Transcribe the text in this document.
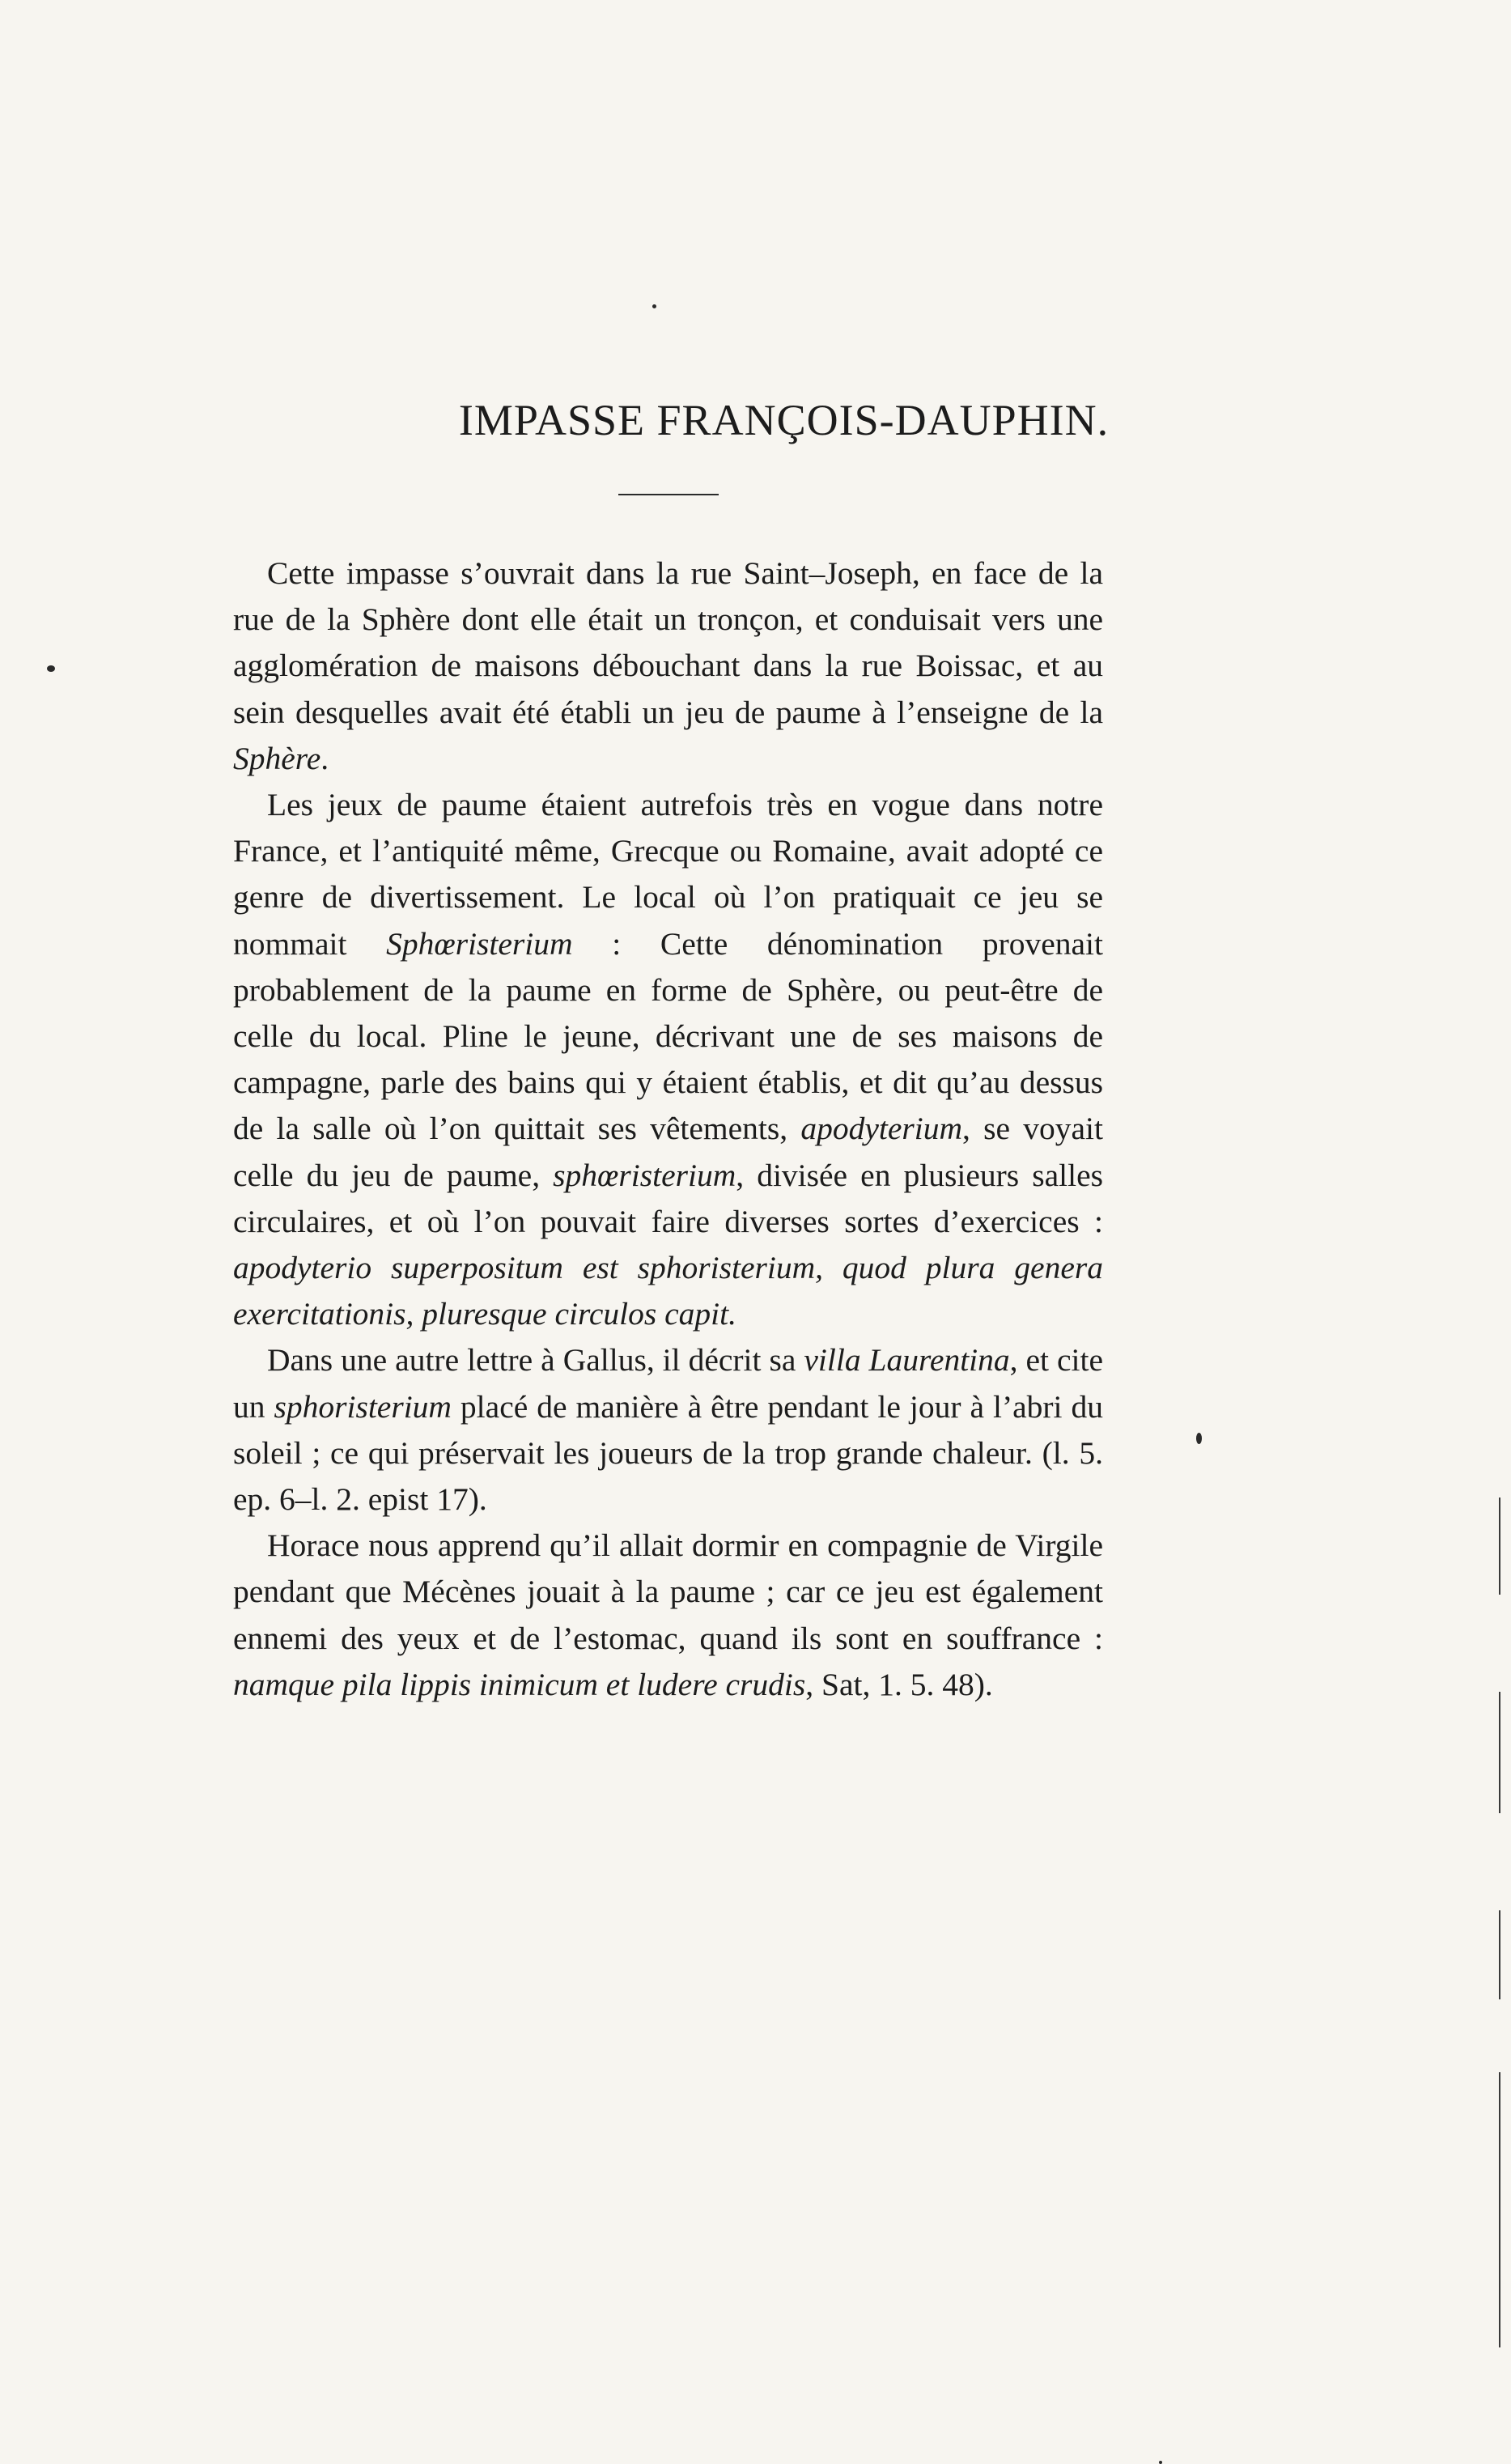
IMPASSE FRANÇOIS-DAUPHIN.

Cette impasse s’ouvrait dans la rue Saint–Joseph, en face de la rue de la Sphère dont elle était un tronçon, et conduisait vers une agglomération de maisons débouchant dans la rue Boissac, et au sein desquelles avait été établi un jeu de paume à l’enseigne de la Sphère.

Les jeux de paume étaient autrefois très en vogue dans notre France, et l’antiquité même, Grecque ou Romaine, avait adopté ce genre de divertissement. Le local où l’on pratiquait ce jeu se nommait Sphœristerium : Cette dénomination provenait probablement de la paume en forme de Sphère, ou peut-être de celle du local. Pline le jeune, décrivant une de ses maisons de campagne, parle des bains qui y étaient établis, et dit qu’au dessus de la salle où l’on quittait ses vêtements, apodyterium, se voyait celle du jeu de paume, sphœristerium, divisée en plusieurs salles circulaires, et où l’on pouvait faire diverses sortes d’exercices : apodyterio superpositum est sphoristerium, quod plura genera exercitationis, pluresque circulos capit.

Dans une autre lettre à Gallus, il décrit sa villa Laurentina, et cite un sphoristerium placé de manière à être pendant le jour à l’abri du soleil ; ce qui préservait les joueurs de la trop grande chaleur. (l. 5. ep. 6–l. 2. epist 17).

Horace nous apprend qu’il allait dormir en compagnie de Virgile pendant que Mécènes jouait à la paume ; car ce jeu est également ennemi des yeux et de l’estomac, quand ils sont en souffrance : namque pila lippis inimicum et ludere crudis, Sat, 1. 5. 48).
